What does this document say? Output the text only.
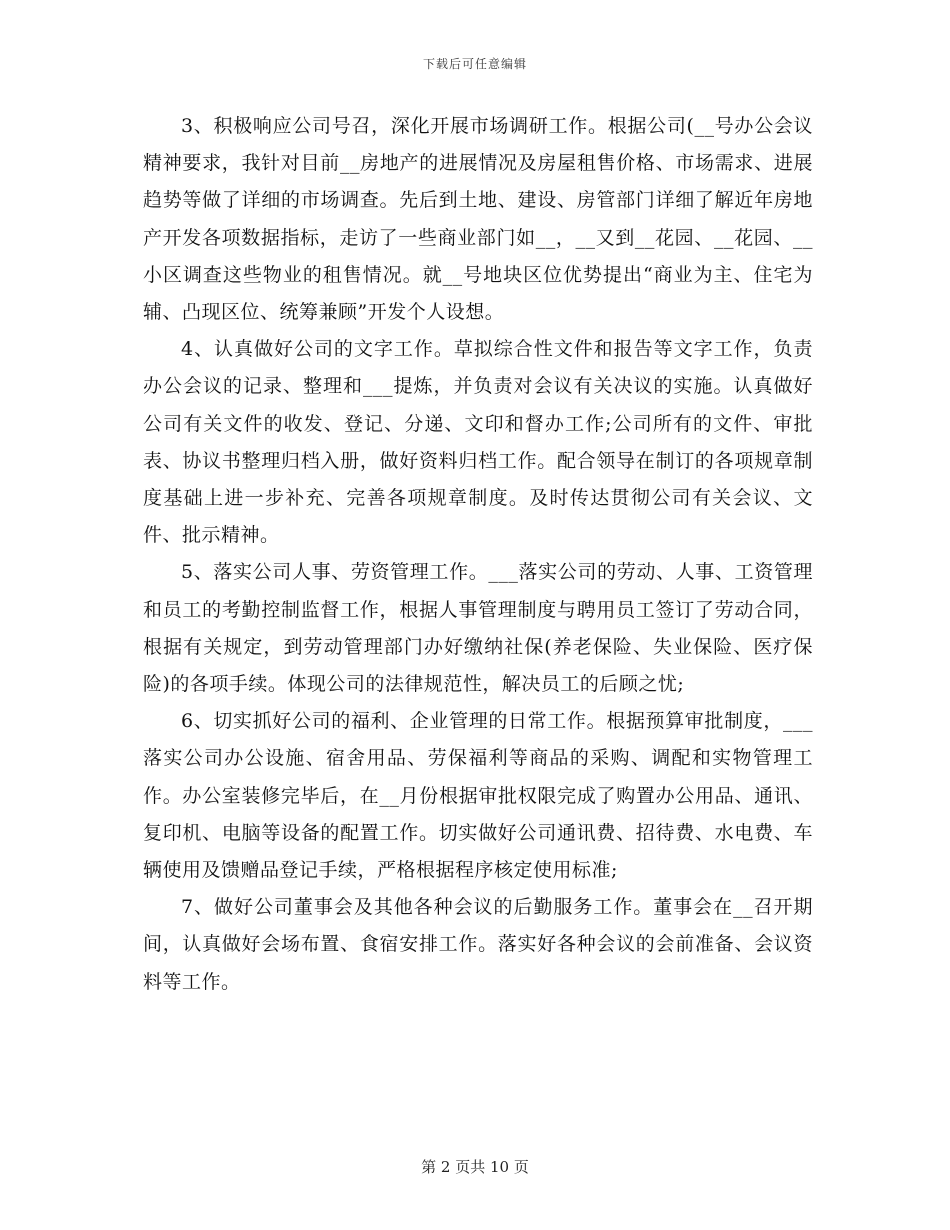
下载后可任意编辑

3、积极响应公司号召，深化开展市场调研工作。根据公司(__号办公会议精神要求，我针对目前__房地产的进展情况及房屋租售价格、市场需求、进展趋势等做了详细的市场调查。先后到土地、建设、房管部门详细了解近年房地产开发各项数据指标，走访了一些商业部门如__，__又到__花园、__花园、__小区调查这些物业的租售情况。就__号地块区位优势提出“商业为主、住宅为辅、凸现区位、统筹兼顾”开发个人设想。

4、认真做好公司的文字工作。草拟综合性文件和报告等文字工作，负责办公会议的记录、整理和___提炼，并负责对会议有关决议的实施。认真做好公司有关文件的收发、登记、分递、文印和督办工作;公司所有的文件、审批表、协议书整理归档入册，做好资料归档工作。配合领导在制订的各项规章制度基础上进一步补充、完善各项规章制度。及时传达贯彻公司有关会议、文件、批示精神。

5、落实公司人事、劳资管理工作。___落实公司的劳动、人事、工资管理和员工的考勤控制监督工作，根据人事管理制度与聘用员工签订了劳动合同，根据有关规定，到劳动管理部门办好缴纳社保(养老保险、失业保险、医疗保险)的各项手续。体现公司的法律规范性，解决员工的后顾之忧;

6、切实抓好公司的福利、企业管理的日常工作。根据预算审批制度，___落实公司办公设施、宿舍用品、劳保福利等商品的采购、调配和实物管理工作。办公室装修完毕后，在__月份根据审批权限完成了购置办公用品、通讯、复印机、电脑等设备的配置工作。切实做好公司通讯费、招待费、水电费、车辆使用及馈赠品登记手续，严格根据程序核定使用标准;

7、做好公司董事会及其他各种会议的后勤服务工作。董事会在__召开期间，认真做好会场布置、食宿安排工作。落实好各种会议的会前准备、会议资料等工作。

第 2 页共 10 页
